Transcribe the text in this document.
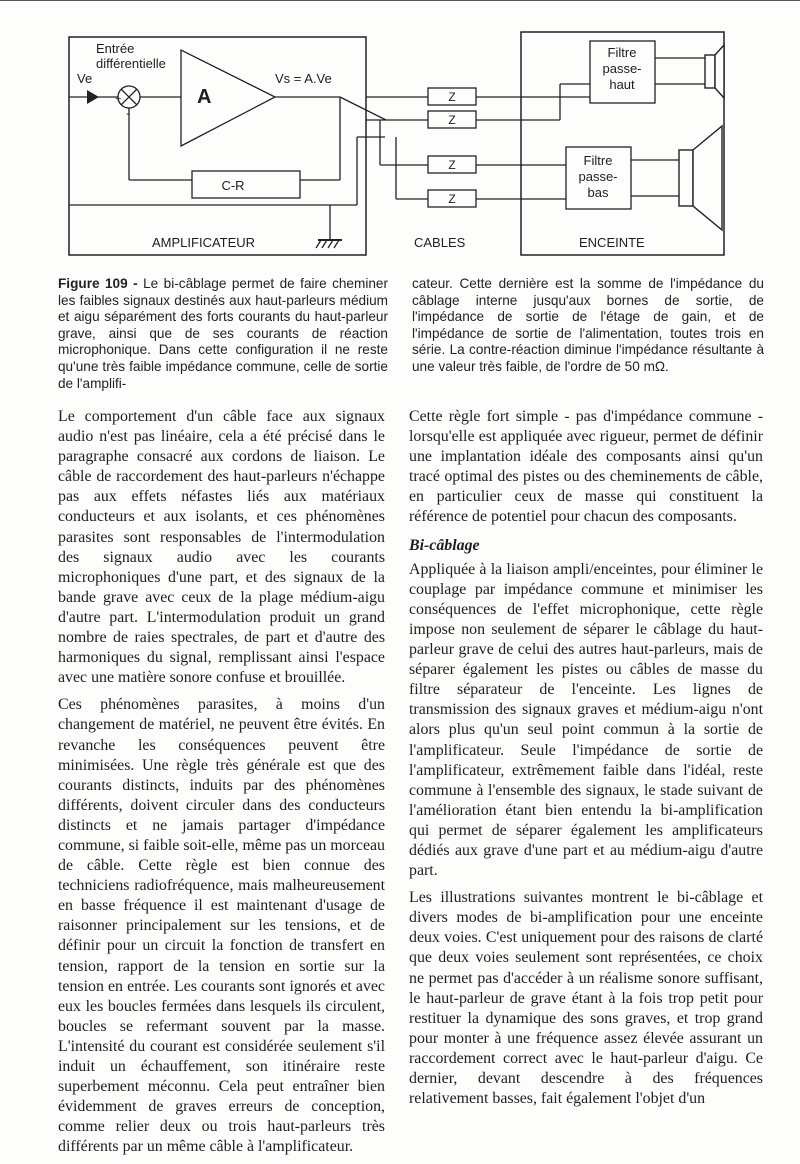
Entrée
différentielle
Ve
+
-
A
Vs = A.Ve
C-R
Z
Z
Z
Z
Filtre
passe-
haut
Filtre
passe-
bas
AMPLIFICATEUR	CABLES	ENCEINTE
Figure 109 - Le bi-câblage permet de faire cheminer les faibles signaux destinés aux haut-parleurs médium et aigu séparément des forts courants du haut-parleur grave, ainsi que de ses courants de réaction microphonique. Dans cette configuration il ne reste qu'une très faible impédance commune, celle de sortie de l'amplifi-
cateur. Cette dernière est la somme de l'impédance du câblage interne jusqu'aux bornes de sortie, de l'impédance de sortie de l'étage de gain, et de l'impédance de sortie de l'alimentation, toutes trois en série. La contre-réaction diminue l'impédance résultante à une valeur très faible, de l'ordre de 50 mΩ.

Le comportement d'un câble face aux signaux audio n'est pas linéaire, cela a été précisé dans le paragraphe consacré aux cordons de liaison. Le câble de raccordement des haut-parleurs n'échappe pas aux effets néfastes liés aux matériaux conducteurs et aux isolants, et ces phénomènes parasites sont responsables de l'intermodulation des signaux audio avec les courants microphoniques d'une part, et des signaux de la bande grave avec ceux de la plage médium-aigu d'autre part. L'intermodulation produit un grand nombre de raies spectrales, de part et d'autre des harmoniques du signal, remplissant ainsi l'espace avec une matière sonore confuse et brouillée.

Ces phénomènes parasites, à moins d'un changement de matériel, ne peuvent être évités. En revanche les conséquences peuvent être minimisées. Une règle très générale est que des courants distincts, induits par des phénomènes différents, doivent circuler dans des conducteurs distincts et ne jamais partager d'impédance commune, si faible soit-elle, même pas un morceau de câble. Cette règle est bien connue des techniciens radiofréquence, mais malheureusement en basse fréquence il est maintenant d'usage de raisonner principalement sur les tensions, et de définir pour un circuit la fonction de transfert en tension, rapport de la tension en sortie sur la tension en entrée. Les courants sont ignorés et avec eux les boucles fermées dans lesquels ils circulent, boucles se refermant souvent par la masse. L'intensité du courant est considérée seulement s'il induit un échauffement, son itinéraire reste superbement méconnu. Cela peut entraîner bien évidemment de graves erreurs de conception, comme relier deux ou trois haut-parleurs très différents par un même câble à l'amplificateur.

Cette règle fort simple - pas d'impédance commune - lorsqu'elle est appliquée avec rigueur, permet de définir une implantation idéale des composants ainsi qu'un tracé optimal des pistes ou des cheminements de câble, en particulier ceux de masse qui constituent la référence de potentiel pour chacun des composants.

Bi-câblage

Appliquée à la liaison ampli/enceintes, pour éliminer le couplage par impédance commune et minimiser les conséquences de l'effet microphonique, cette règle impose non seulement de séparer le câblage du haut-parleur grave de celui des autres haut-parleurs, mais de séparer également les pistes ou câbles de masse du filtre séparateur de l'enceinte. Les lignes de transmission des signaux graves et médium-aigu n'ont alors plus qu'un seul point commun à la sortie de l'amplificateur. Seule l'impédance de sortie de l'amplificateur, extrêmement faible dans l'idéal, reste commune à l'ensemble des signaux, le stade suivant de l'amélioration étant bien entendu la bi-amplification qui permet de séparer également les amplificateurs dédiés aux grave d'une part et au médium-aigu d'autre part.

Les illustrations suivantes montrent le bi-câblage et divers modes de bi-amplification pour une enceinte deux voies. C'est uniquement pour des raisons de clarté que deux voies seulement sont représentées, ce choix ne permet pas d'accéder à un réalisme sonore suffisant, le haut-parleur de grave étant à la fois trop petit pour restituer la dynamique des sons graves, et trop grand pour monter à une fréquence assez élevée assurant un raccordement correct avec le haut-parleur d'aigu. Ce dernier, devant descendre à des fréquences relativement basses, fait également l'objet d'un
